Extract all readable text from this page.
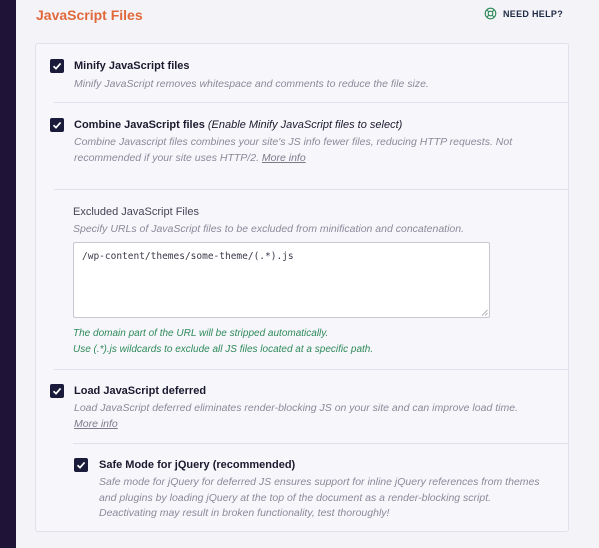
JavaScript Files	NEED HELP?
Minify JavaScript files
Minify JavaScript removes whitespace and comments to reduce the file size.
Combine JavaScript files (Enable Minify JavaScript files to select)
Combine Javascript files combines your site's JS info fewer files, reducing HTTP requests. Not
recommended if your site uses HTTP/2. More info
Excluded JavaScript Files
Specify URLs of JavaScript files to be excluded from minification and concatenation.
/wp-content/themes/some-theme/(.*).js
The domain part of the URL will be stripped automatically.
Use (.*).js wildcards to exclude all JS files located at a specific path.
Load JavaScript deferred
Load JavaScript deferred eliminates render-blocking JS on your site and can improve load time.
More info
Safe Mode for jQuery (recommended)
Safe mode for jQuery for deferred JS ensures support for inline jQuery references from themes
and plugins by loading jQuery at the top of the document as a render-blocking script.
Deactivating may result in broken functionality, test thoroughly!
